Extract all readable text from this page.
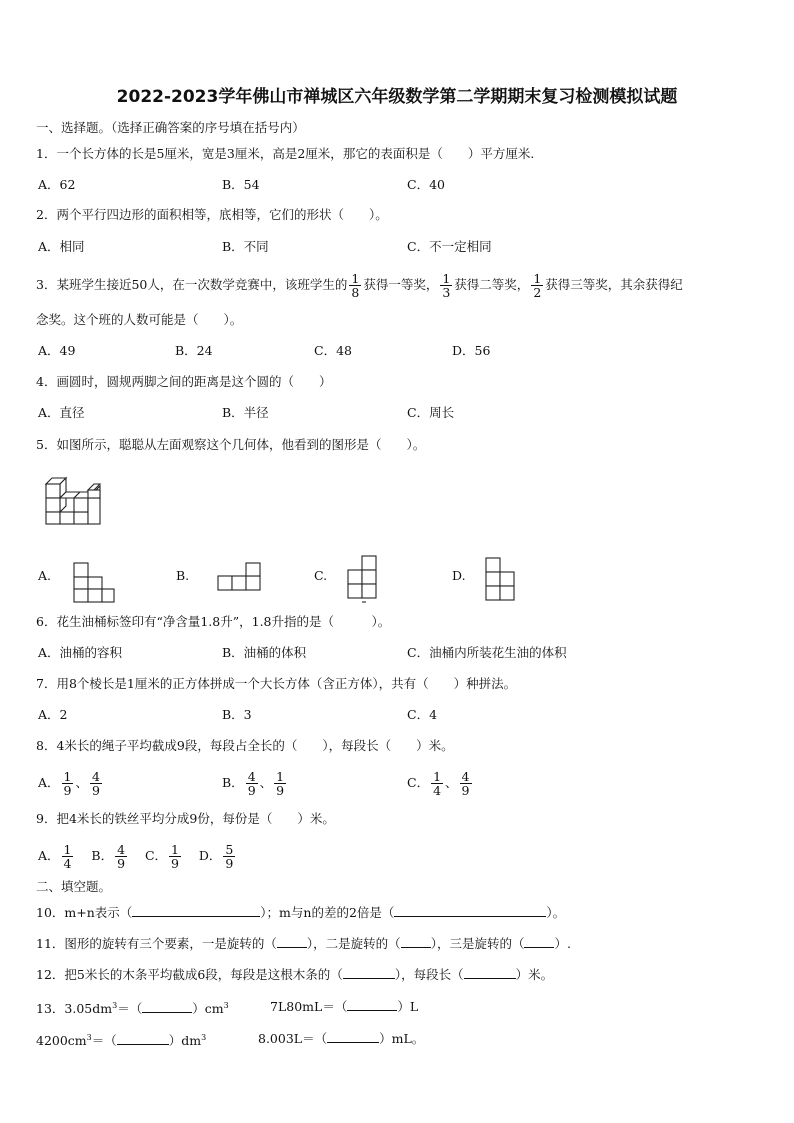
2022-2023学年佛山市禅城区六年级数学第二学期期末复习检测模拟试题
一、选择题。（选择正确答案的序号填在括号内）
1．一个长方体的长是5厘米，宽是3厘米，高是2厘米，那它的表面积是（　　）平方厘米.
A．62	B．54	C．40
2．两个平行四边形的面积相等，底相等，它们的形状（　　）。
A．相同	B．不同	C．不一定相同
3．某班学生接近50人，在一次数学竞赛中，该班学生的 $\frac{1}{8}$ 获得一等奖， $\frac{1}{3}$ 获得二等奖， $\frac{1}{2}$ 获得三等奖，其余获得纪
念奖。这个班的人数可能是（　　）。
A．49	B．24	C．48	D．56
4．画圆时，圆规两脚之间的距离是这个圆的（　　）
A．直径	B．半径	C．周长
5．如图所示，聪聪从左面观察这个几何体，他看到的图形是（　　）。
A.	B.	C.	D.
6．花生油桶标签印有“净含量1.8升”，1.8升指的是（　　　）。
A．油桶的容积	B．油桶的体积	C．油桶内所装花生油的体积
7．用8个棱长是1厘米的正方体拼成一个大长方体（含正方体），共有（　　）种拼法。
A．2	B．3	C．4
8．4米长的绳子平均截成9段，每段占全长的（　　），每段长（　　）米。
A． $\frac{1}{9}$ 、 $\frac{4}{9}$	B． $\frac{4}{9}$ 、 $\frac{1}{9}$	C． $\frac{1}{4}$ 、 $\frac{4}{9}$
9．把4米长的铁丝平均分成9份，每份是（　　）米。
A． $\frac{1}{4}$ B． $\frac{4}{9}$ C． $\frac{1}{9}$ D． $\frac{5}{9}$
二、填空题。
10．m+n表示（	）；m与n的差的2倍是（	）。
11．图形的旋转有三个要素，一是旋转的（ ），二是旋转的（ ），三是旋转的（ ）.
12．把5米长的木条平均截成6段，每段是这根木条的（	），每段长（	）米。
13．$3.05dm^3=$（	）$cm^3$	7L80mL＝（	）L
$4200cm^3=$（	）$dm^3$	8.003L＝（	）mL。
